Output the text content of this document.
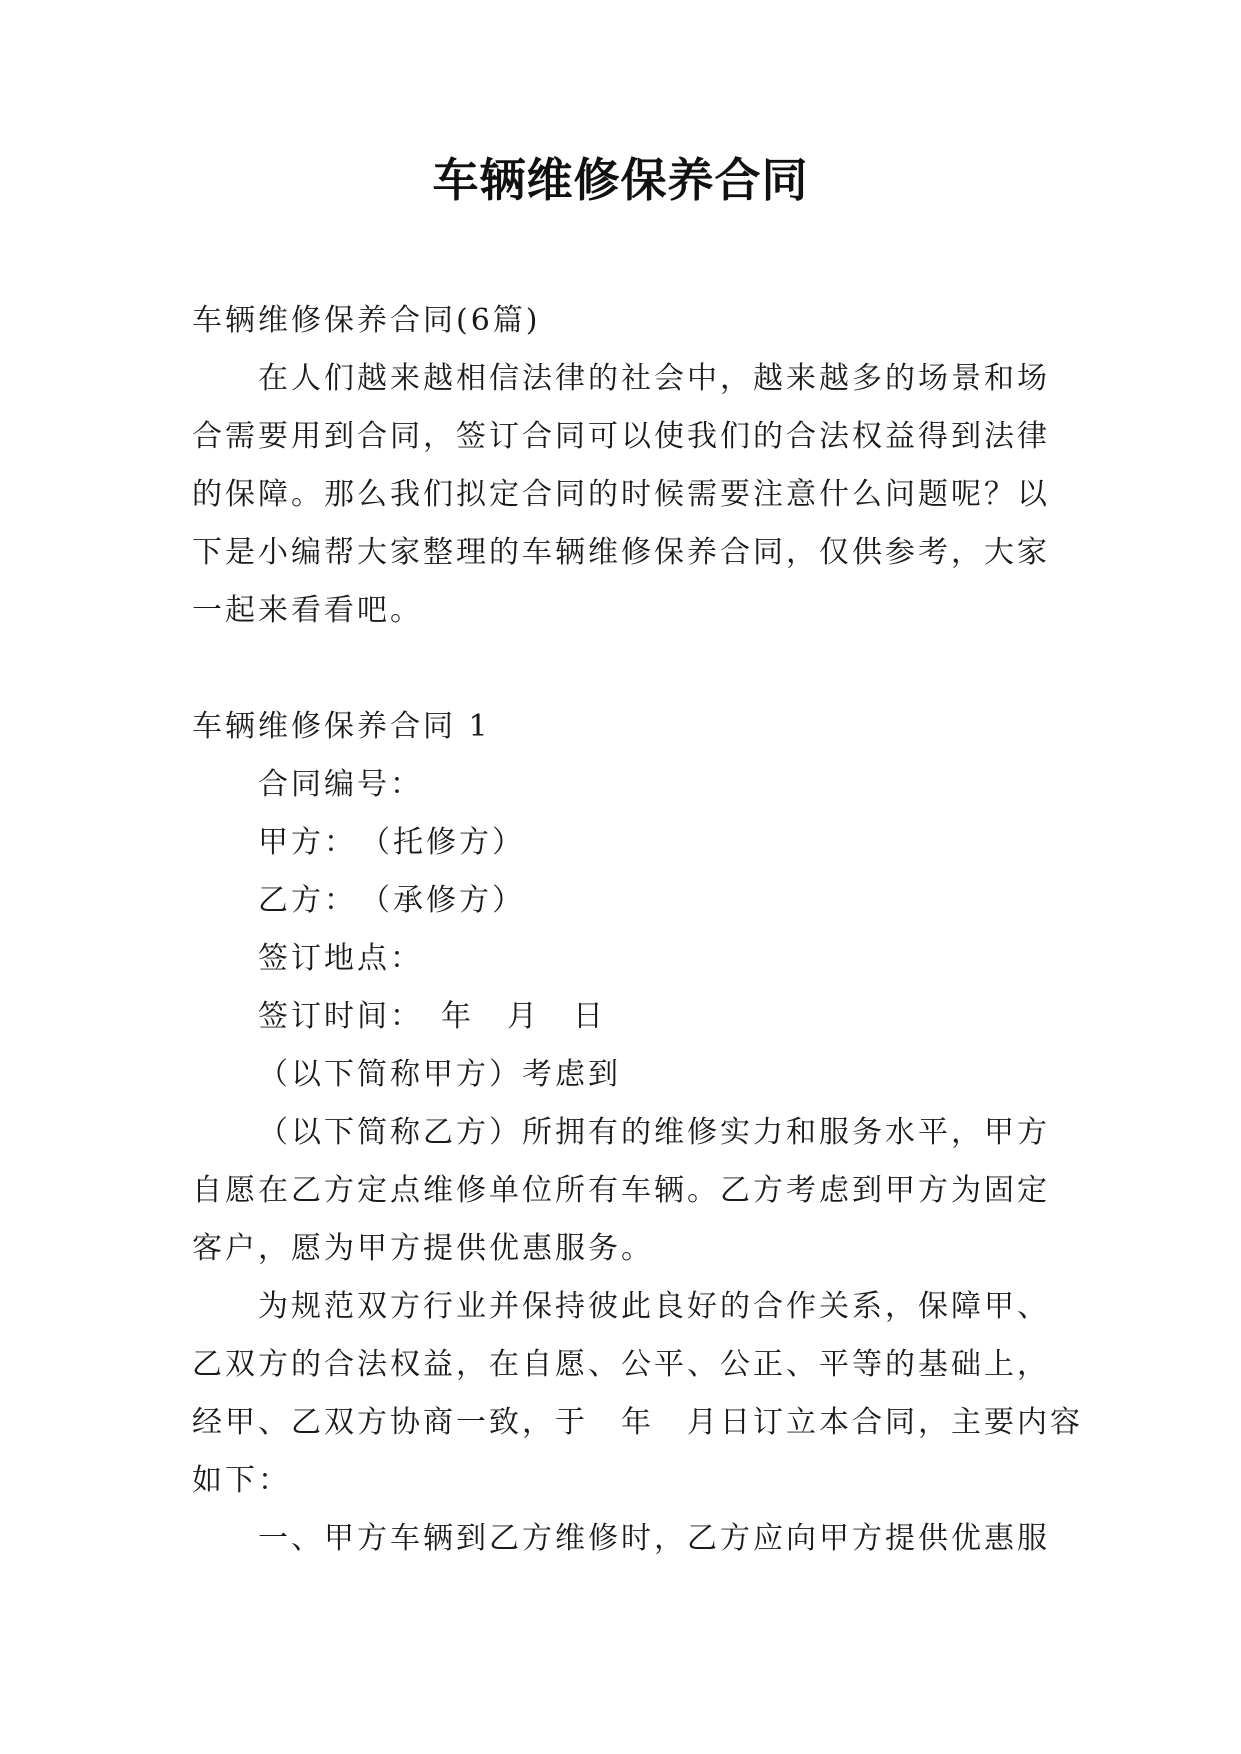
车辆维修保养合同
车辆维修保养合同(6篇)
在人们越来越相信法律的社会中，越来越多的场景和场
合需要用到合同，签订合同可以使我们的合法权益得到法律
的保障。那么我们拟定合同的时候需要注意什么问题呢？以
下是小编帮大家整理的车辆维修保养合同，仅供参考，大家
一起来看看吧。
车辆维修保养合同 1
合同编号：
甲方：　（托修方）
乙方：　（承修方）
签订地点：
签订时间：　年　月　日
（以下简称甲方）考虑到
（以下简称乙方）所拥有的维修实力和服务水平，甲方
自愿在乙方定点维修单位所有车辆。乙方考虑到甲方为固定
客户，愿为甲方提供优惠服务。
为规范双方行业并保持彼此良好的合作关系，保障甲、
乙双方的合法权益，在自愿、公平、公正、平等的基础上，
经甲、乙双方协商一致，于　年　月日订立本合同，主要内容
如下：
一、甲方车辆到乙方维修时，乙方应向甲方提供优惠服
